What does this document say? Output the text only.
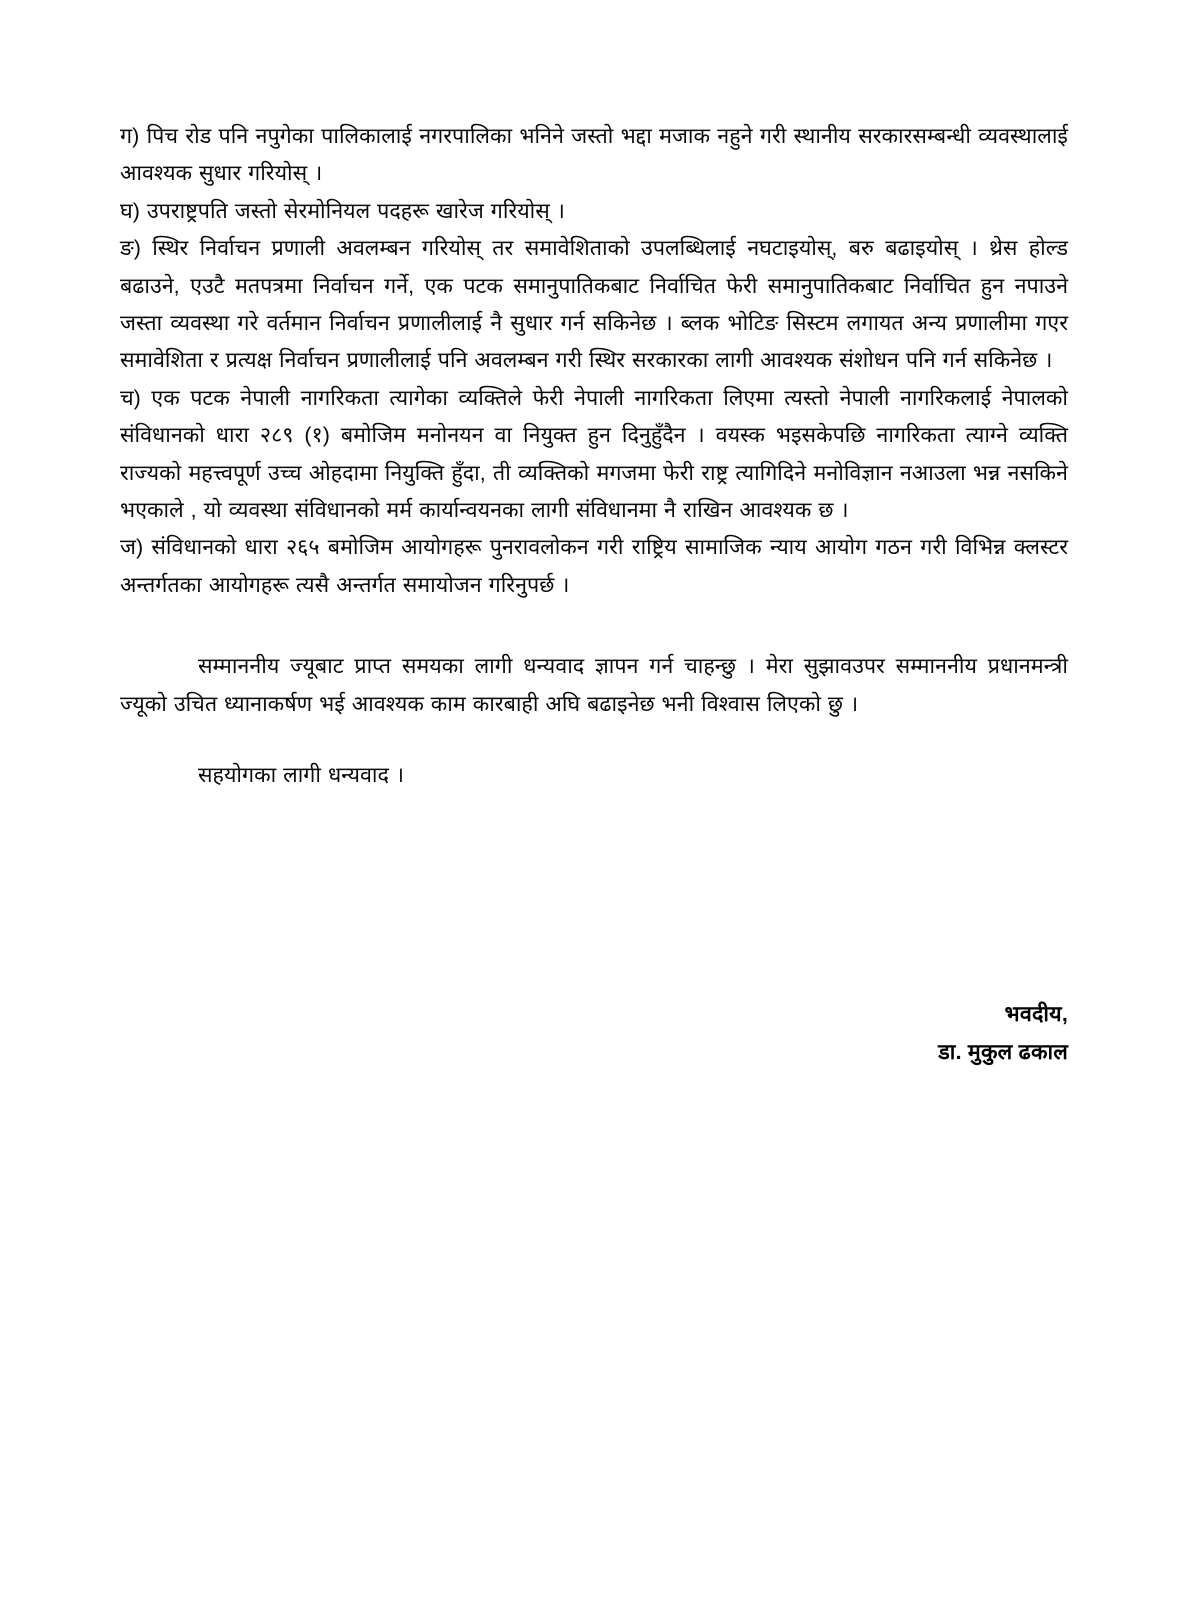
ग) पिच रोड पनि नपुगेका पालिकालाई नगरपालिका भनिने जस्तो भद्दा मजाक नहुने गरी स्थानीय सरकारसम्बन्धी व्यवस्थालाई आवश्यक सुधार गरियोस् ।

घ) उपराष्ट्रपति जस्तो सेरमोनियल पदहरू खारेज गरियोस् ।

ङ) स्थिर निर्वाचन प्रणाली अवलम्बन गरियोस् तर समावेशिताको उपलब्धिलाई नघटाइयोस्, बरु बढाइयोस् । थ्रेस होल्ड बढाउने, एउटै मतपत्रमा निर्वाचन गर्ने, एक पटक समानुपातिकबाट निर्वाचित फेरी समानुपातिकबाट निर्वाचित हुन नपाउने जस्ता व्यवस्था गरे वर्तमान निर्वाचन प्रणालीलाई नै सुधार गर्न सकिनेछ । ब्लक भोटिङ सिस्टम लगायत अन्य प्रणालीमा गएर समावेशिता र प्रत्यक्ष निर्वाचन प्रणालीलाई पनि अवलम्बन गरी स्थिर सरकारका लागी आवश्यक संशोधन पनि गर्न सकिनेछ ।

च) एक पटक नेपाली नागरिकता त्यागेका व्यक्तिले फेरी नेपाली नागरिकता लिएमा त्यस्तो नेपाली नागरिकलाई नेपालको संविधानको धारा २८९ (१) बमोजिम मनोनयन वा नियुक्त हुन दिनुहुँदैन । वयस्क भइसकेपछि नागरिकता त्याग्ने व्यक्ति राज्यको महत्त्वपूर्ण उच्च ओहदामा नियुक्ति हुँदा, ती व्यक्तिको मगजमा फेरी राष्ट्र त्यागिदिने मनोविज्ञान नआउला भन्न नसकिने भएकाले , यो व्यवस्था संविधानको मर्म कार्यान्वयनका लागी संविधानमा नै राखिन आवश्यक छ ।

ज) संविधानको धारा २६५ बमोजिम आयोगहरू पुनरावलोकन गरी राष्ट्रिय सामाजिक न्याय आयोग गठन गरी विभिन्न क्लस्टर अन्तर्गतका आयोगहरू त्यसै अन्तर्गत समायोजन गरिनुपर्छ ।

सम्माननीय ज्यूबाट प्राप्त समयका लागी धन्यवाद ज्ञापन गर्न चाहन्छु । मेरा सुझावउपर सम्माननीय प्रधानमन्त्री ज्यूको उचित ध्यानाकर्षण भई आवश्यक काम कारबाही अघि बढाइनेछ भनी विश्वास लिएको छु ।

सहयोगका लागी धन्यवाद ।

भवदीय,
डा. मुकुल ढकाल
